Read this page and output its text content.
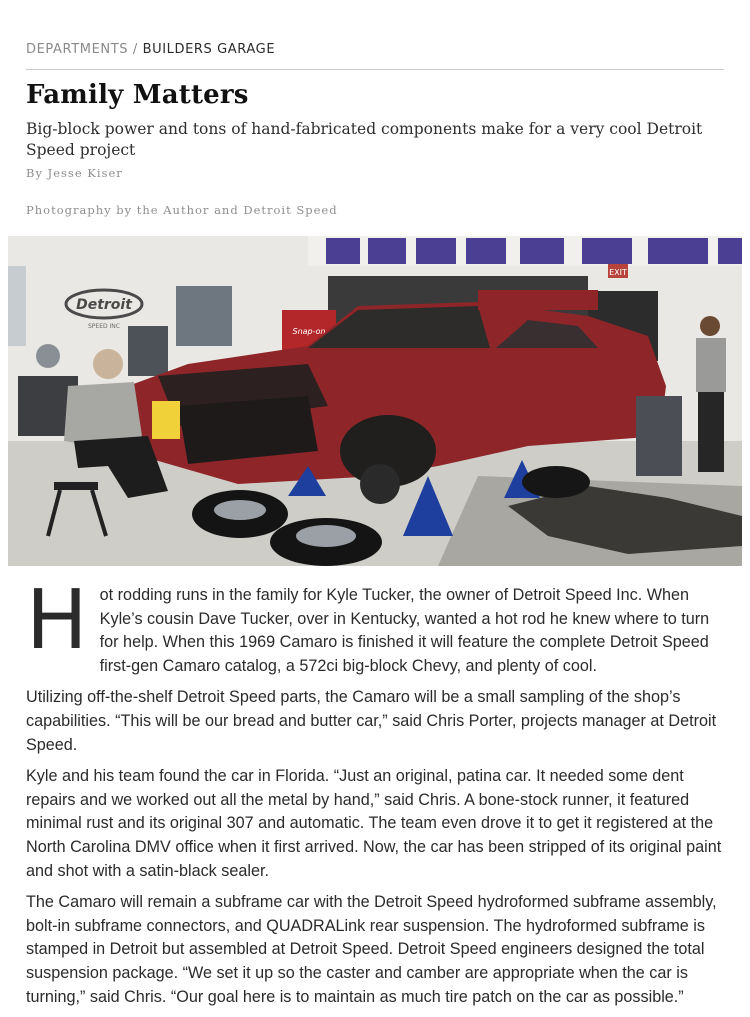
DEPARTMENTS / BUILDERS GARAGE
Family Matters

Big-block power and tons of hand-fabricated components make for a very cool Detroit Speed project

By Jesse Kiser
Photography by the Author and Detroit Speed
EXIT
Detroit
SPEED INC
Snap-on

Hot rodding runs in the family for Kyle Tucker, the owner of Detroit Speed Inc. When Kyle’s cousin Dave Tucker, over in Kentucky, wanted a hot rod he knew where to turn for help. When this 1969 Camaro is finished it will feature the complete Detroit Speed first-gen Camaro catalog, a 572ci big-block Chevy, and plenty of cool.

Utilizing off-the-shelf Detroit Speed parts, the Camaro will be a small sampling of the shop’s capabilities. “This will be our bread and butter car,” said Chris Porter, projects manager at Detroit Speed.

Kyle and his team found the car in Florida. “Just an original, patina car. It needed some dent repairs and we worked out all the metal by hand,” said Chris. A bone-stock runner, it featured minimal rust and its original 307 and automatic. The team even drove it to get it registered at the North Carolina DMV office when it first arrived. Now, the car has been stripped of its original paint and shot with a satin-black sealer.

The Camaro will remain a subframe car with the Detroit Speed hydroformed subframe assembly, bolt-in subframe connectors, and QUADRALink rear suspension. The hydroformed subframe is stamped in Detroit but assembled at Detroit Speed. Detroit Speed engineers designed the total suspension package. “We set it up so the caster and camber are appropriate when the car is turning,” said Chris. “Our goal here is to maintain as much tire patch on the car as possible.”
